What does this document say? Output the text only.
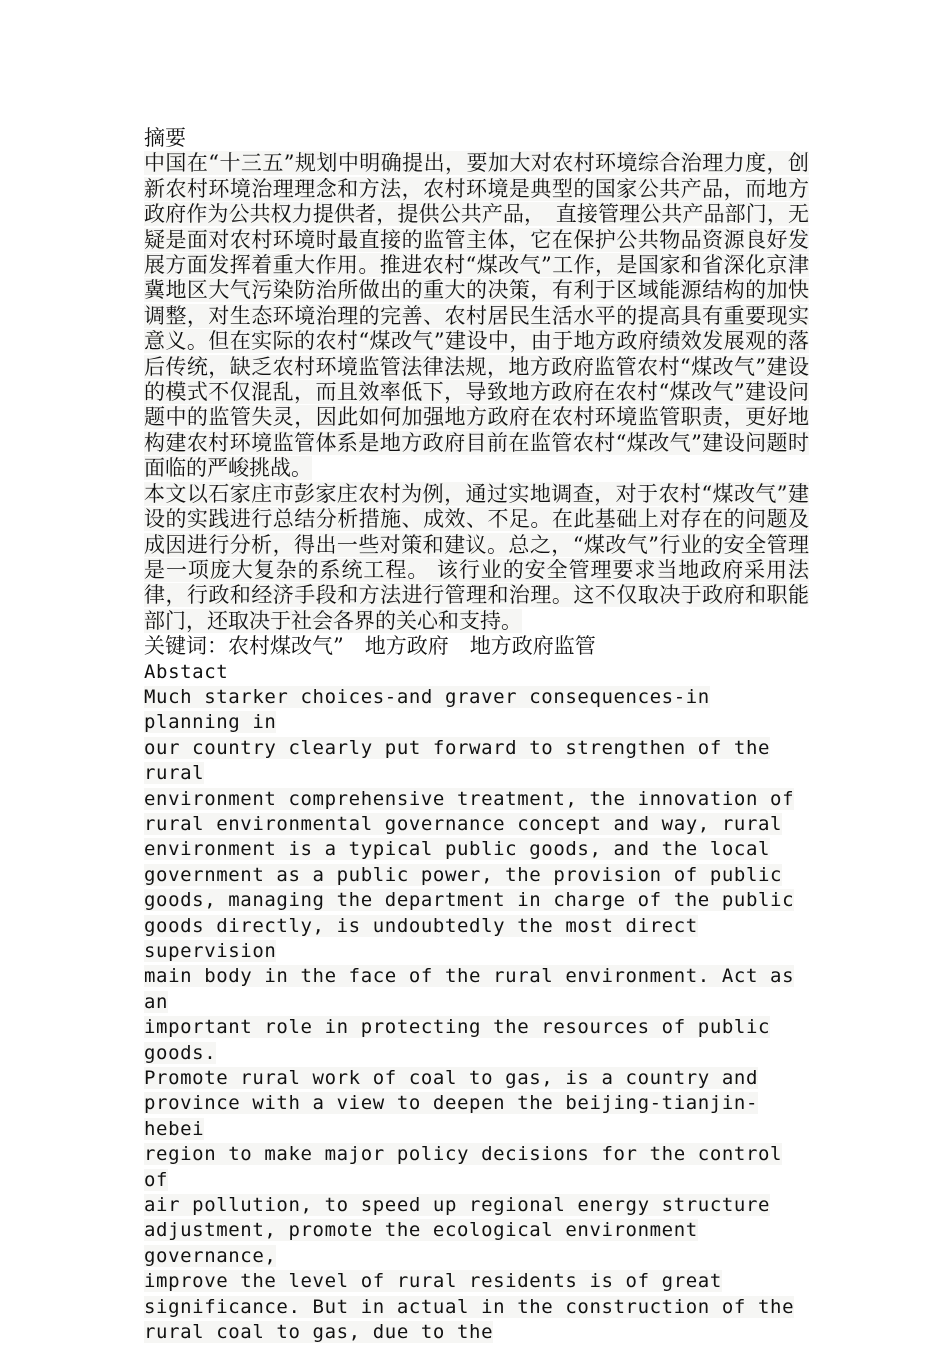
摘要

中国在“十三五”规划中明确提出，要加大对农村环境综合治理力度，创新农村环境治理理念和方法，农村环境是典型的国家公共产品，而地方政府作为公共权力提供者，提供公共产品，　直接管理公共产品部门，无疑是面对农村环境时最直接的监管主体，它在保护公共物品资源良好发展方面发挥着重大作用。推进农村“煤改气”工作，是国家和省深化京津冀地区大气污染防治所做出的重大的决策，有利于区域能源结构的加快调整，对生态环境治理的完善、农村居民生活水平的提高具有重要现实意义。但在实际的农村“煤改气”建设中，由于地方政府绩效发展观的落后传统，缺乏农村环境监管法律法规，地方政府监管农村“煤改气”建设的模式不仅混乱，而且效率低下，导致地方政府在农村“煤改气”建设问题中的监管失灵，因此如何加强地方政府在农村环境监管职责，更好地构建农村环境监管体系是地方政府目前在监管农村“煤改气”建设问题时面临的严峻挑战。

本文以石家庄市彭家庄农村为例，通过实地调查，对于农村“煤改气”建设的实践进行总结分析措施、成效、不足。在此基础上对存在的问题及成因进行分析，得出一些对策和建议。总之，“煤改气”行业的安全管理是一项庞大复杂的系统工程。 该行业的安全管理要求当地政府采用法律，行政和经济手段和方法进行管理和治理。这不仅取决于政府和职能部门，还取决于社会各界的关心和支持。

关键词：农村煤改气”　地方政府　地方政府监管

Abstact

Much starker choices-and graver consequences-in planning in

our country clearly put forward to strengthen of the rural

environment comprehensive treatment, the innovation of

rural environmental governance concept and way, rural

environment is a typical public goods, and the local

government as a public power, the provision of public

goods, managing the department in charge of the public

goods directly, is undoubtedly the most direct supervision

main body in the face of the rural environment. Act as an

important role in protecting the resources of public goods.

Promote rural work of coal to gas, is a country and

province with a view to deepen the beijing-tianjin-hebei

region to make major policy decisions for the control of

air pollution, to speed up regional energy structure

adjustment, promote the ecological environment governance,

improve the level of rural residents is of great

significance. But in actual in the construction of the

rural coal to gas, due to the
